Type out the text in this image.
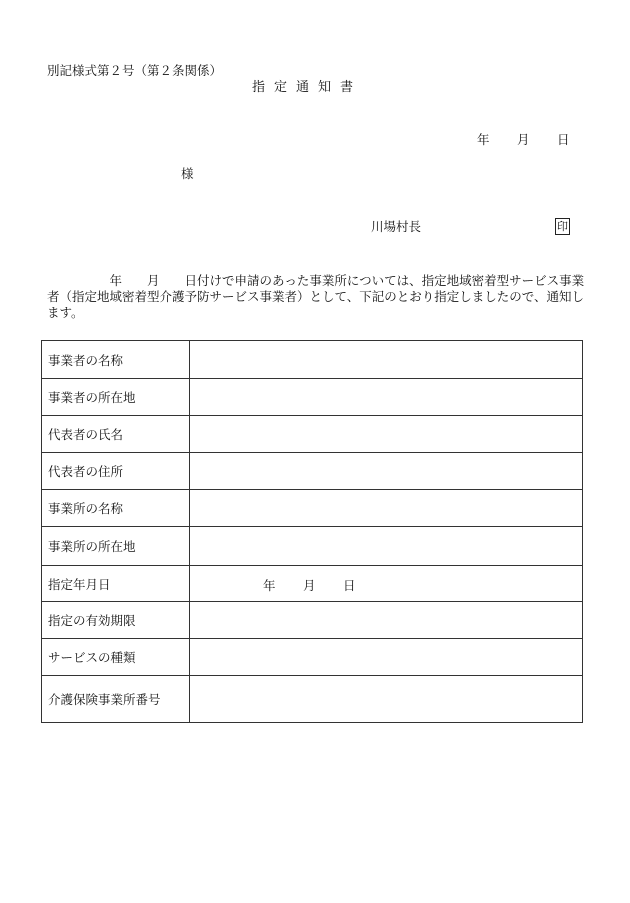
別記様式第２号（第２条関係）
指定通知書
年 月 日
様
川場村長	印
　　　　　年　　月　　日付けで申請のあった事業所については、指定地域密着型サービス事業者（指定地域密着型介護予防サービス事業者）として、下記のとおり指定しましたので、通知します。
事業者の名称	
事業者の所在地	
代表者の氏名	
代表者の住所	
事業所の名称	
事業所の所在地	
指定年月日	年 月 日

指定の有効期限	
サービスの種類	
介護保険事業所番号	
